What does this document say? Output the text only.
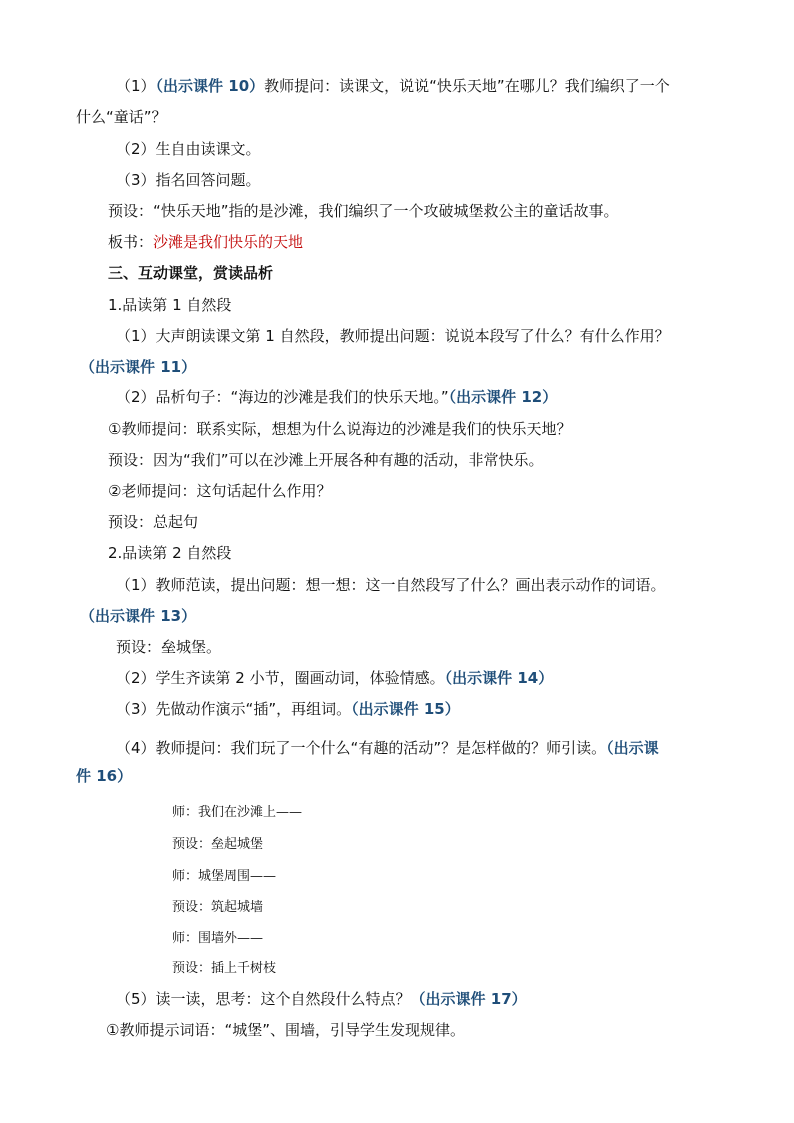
（1）（出示课件 10）教师提问：读课文，说说“快乐天地”在哪儿？我们编织了一个
什么“童话”？
（2）生自由读课文。
（3）指名回答问题。
预设：“快乐天地”指的是沙滩，我们编织了一个攻破城堡救公主的童话故事。
板书：沙滩是我们快乐的天地
三、互动课堂，赏读品析
1.品读第 1 自然段
（1）大声朗读课文第 1 自然段，教师提出问题：说说本段写了什么？有什么作用？
（出示课件 11）
（2）品析句子：“海边的沙滩是我们的快乐天地。”（出示课件 12）
①教师提问：联系实际，想想为什么说海边的沙滩是我们的快乐天地？
预设：因为“我们”可以在沙滩上开展各种有趣的活动，非常快乐。
②老师提问：这句话起什么作用？
预设：总起句
2.品读第 2 自然段
（1）教师范读，提出问题：想一想：这一自然段写了什么？画出表示动作的词语。
（出示课件 13）
预设：垒城堡。
（2）学生齐读第 2 小节，圈画动词，体验情感。（出示课件 14）
（3）先做动作演示“插”，再组词。（出示课件 15）
（4）教师提问：我们玩了一个什么“有趣的活动”？是怎样做的？师引读。（出示课
件 16）
师：我们在沙滩上——
预设：垒起城堡
师：城堡周围——
预设：筑起城墙
师：围墙外——
预设：插上千树枝
（5）读一读，思考：这个自然段什么特点？（出示课件 17）
①教师提示词语：“城堡”、围墙，引导学生发现规律。
